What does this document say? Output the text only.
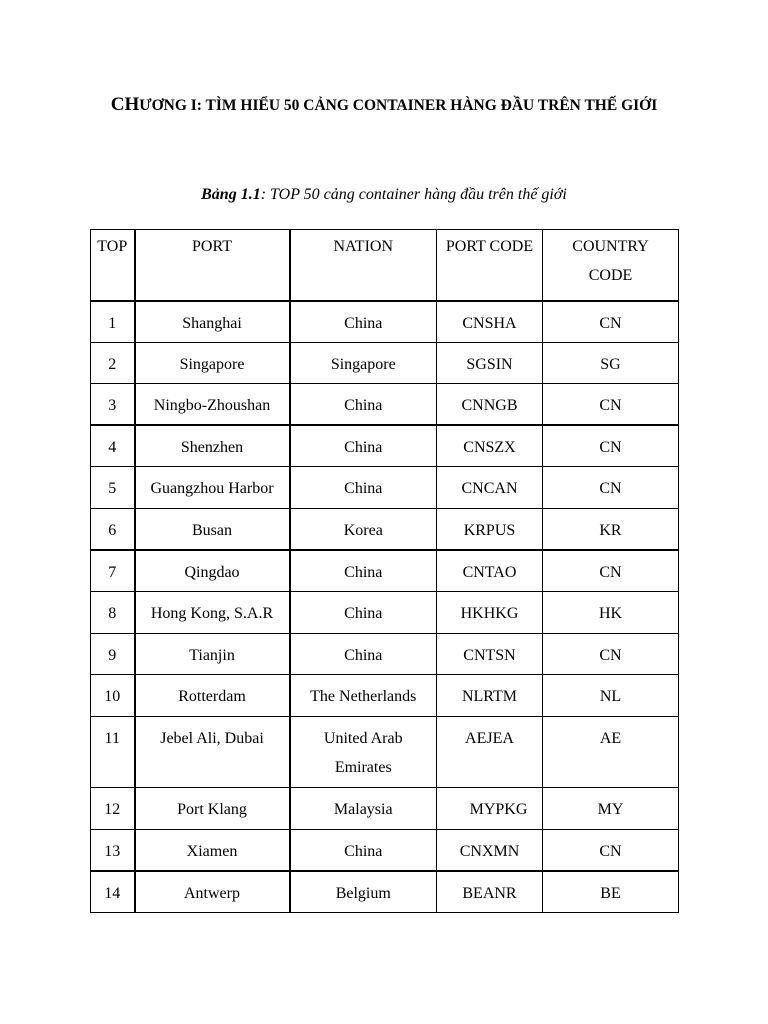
CHƯƠNG I: TÌM HIỂU 50 CẢNG CONTAINER HÀNG ĐẦU TRÊN THẾ GIỚI
Bảng 1.1: TOP 50 cảng container hàng đầu trên thế giới
TOP	PORT	NATION	PORT CODE	COUNTRY
CODE
1	Shanghai	China	CNSHA	CN
2	Singapore	Singapore	SGSIN	SG
3	Ningbo-Zhoushan	China	CNNGB	CN
4	Shenzhen	China	CNSZX	CN
5	Guangzhou Harbor	China	CNCAN	CN
6	Busan	Korea	KRPUS	KR
7	Qingdao	China	CNTAO	CN
8	Hong Kong, S.A.R	China	HKHKG	HK
9	Tianjin	China	CNTSN	CN
10	Rotterdam	The Netherlands	NLRTM	NL
11	Jebel Ali, Dubai	United Arab
Emirates	AEJEA	AE
12	Port Klang	Malaysia	MYPKG	MY
13	Xiamen	China	CNXMN	CN
14	Antwerp	Belgium	BEANR	BE
